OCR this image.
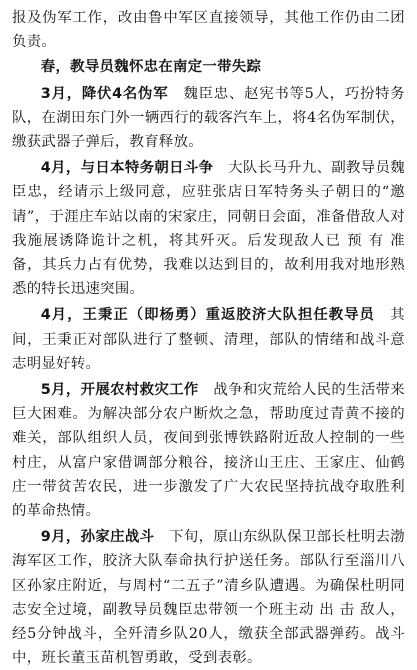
报及伪军工作，改由鲁中军区直接领导，其他工作仍由二团负责。

春，教导员魏怀忠在南定一带失踪

3月，降伏4名伪军　魏臣忠、赵宪书等5人，巧扮特务队，在湖田东门外一辆西行的载客汽车上，将4名伪军制伏，缴获武器子弹后，教育释放。

4月，与日本特务朝日斗争　大队长马升九、副教导员魏臣忠，经请示上级同意，应驻张店日军特务头子朝日的“邀请”，于涯庄车站以南的宋家庄，同朝日会面，准备借敌人对我施展诱降诡计之机，将其歼灭。后发现敌人已 预 有 准备，其兵力占有优势，我难以达到目的，故利用我对地形熟悉的特长迅速突围。

4月，王秉正（即杨勇）重返胶济大队担任教导员　其间，王秉正对部队进行了整顿、清理，部队的情绪和战斗意志明显好转。

5月，开展农村救灾工作　战争和灾荒给人民的生活带来巨大困难。为解决部分农户断炊之急，帮助度过青黄不接的难关，部队组织人员，夜间到张博铁路附近敌人控制的一些村庄，从富户家借调部分粮谷，接济山王庄、王家庄、仙鹤庄一带贫苦农民，进一步激发了广大农民坚持抗战夺取胜利的革命热情。

9月，孙家庄战斗　下旬，原山东纵队保卫部长杜明去渤海军区工作，胶济大队奉命执行护送任务。部队行至淄川八区孙家庄附近，与周村“二五子”清乡队遭遇。为确保杜明同志安全过境，副教导员魏臣忠带领一个班主动 出 击 敌人，经5分钟战斗，全歼清乡队20人，缴获全部武器弹药。战斗中，班长董玉苗机智勇敢，受到表彰。
